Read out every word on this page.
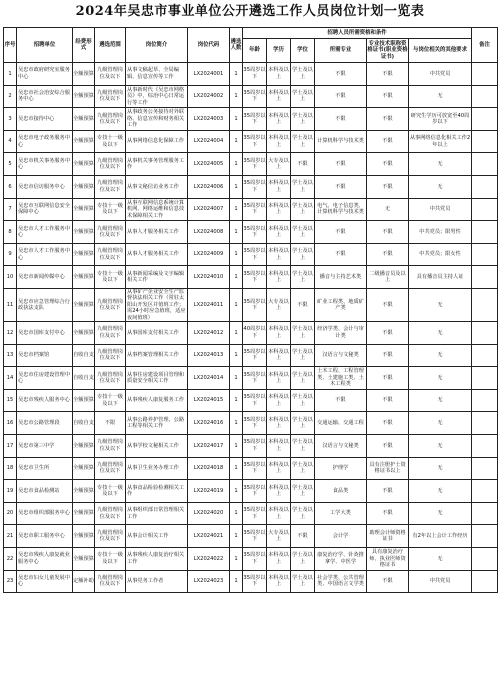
2024年吴忠市事业单位公开遴选工作人员岗位计划一览表
序号	招聘单位	经费形式	遴选范围	岗位简介	岗位代码	遴选人数	招聘人员所需资格和条件						备注
							年龄	学历	学位	所需专业	专业技术职称资格证书(职业资格证书)	与岗位相关的其他要求	
1	吴忠市政府研究室服务中心	全额预算	九级管理岗位及以下	从事文稿起草、全局编辑、信息宣传等工作	LX2024001	1	35周岁以下	本科及以上	学士及以上	不限	不限	中共党员	
2	吴忠市社会治安综合服务中心	全额预算	九级管理岗位及以下	从事新时代《吴忠市网格员》中，综治中心日常运行等工作	LX2024002	1	35周岁以下	本科及以上	学士及以上	不限	不限	无	
3	吴忠市接待中心	全额预算	九级管理岗位及以下	从事政务公务接待对外联络、信息宣传和财务相关工作	LX2024003	1	35周岁以下	本科及以上	学士及以上	不限	不限	研究生学历可放宽至40周岁以下	
4	吴忠市电子政务服务中心	全额预算	专技十一级及以下	从事网络信息化保障工作	LX2024004	1	35周岁以下	本科及以上	学士及以上	计算机科学与技术类	不限	从事网络信息化相关工作2年以上	
5	吴忠市机关事务服务中心	全额预算	九级管理岗位及以下	从事机关事务管理服务工作	LX2024005	1	35周岁以下	大专及以上	不限	不限	不限	无	
6	吴忠市信访服务中心	全额预算	九级管理岗位及以下	从事文秘信访业务工作	LX2024006	1	35周岁以下	本科及以上	学士及以上	不限	不限	无	
7	吴忠市互联网信息安全保障中心	全额预算	专技十一级及以下	从事互联网信息系统计算机网、网络运维和信息技术保障相关工作	LX2024007	1	35周岁以下	本科及以上	学士及以上	电气、电子信息类、计算机科学与技术类	无	中共党员	
8	吴忠市人才工作服务中心	全额预算	九级管理岗位及以下	从事人才服务相关工作	LX2024008	1	35周岁以下	本科及以上	学士及以上	不限	不限	中共党员；限男性	
9	吴忠市人才工作服务中心	全额预算	九级管理岗位及以下	从事人才服务相关工作	LX2024009	1	35周岁以下	本科及以上	学士及以上	不限	不限	中共党员；限女性	
10	吴忠市新闻传媒中心	全额预算	专技十一级及以下	从事新闻采编及文字编辑相关工作	LX2024010	1	35周岁以下	本科及以上	学士及以上	播音与主持艺术类	二级播音员及以上	具有播音员主持人证	
11	吴忠市应急管理综合行政执法支队	全额预算	九级管理岗位及以下	从事矿产企业安全生产监督执法相关工作（常驻太阳山开发区并值班工作；需24小时应急值班，适应夜间值班）	LX2024011	1	35周岁以下	大专及以上	不限	矿业工程类、地质矿产类	不限	无	
12	吴忠市国库支付中心	全额预算	九级管理岗位及以下	从事国库支付相关工作	LX2024012	1	40周岁以下	本科及以上	学士及以上	经济学类、会计与审计类	不限	无	
13	吴忠市档案馆	自收自支	九级管理岗位及以下	从事档案管理相关工作	LX2024013	1	35周岁以下	本科及以上	学士及以上	汉语言与文秘类	不限	无	
14	吴忠市住房建设管理中心	自收自支	九级管理岗位及以下	从事住房建设项目管理和质量安全相关工作	LX2024014	1	35周岁以下	本科及以上	学士及以上	土木工程、工程管理类、土建施工类、土木工程类	不限	无	
15	吴忠市残疾人服务中心	全额预算	专技十一级及以下	从事残疾人康复服务工作	LX2024015	1	35周岁以下	本科及以上	学士及以上	不限	不限	无	
16	吴忠市公路管理段	自收自支	不限	从事公路养护管理、公路工程等相关工作	LX2024016	1	35周岁以下	本科及以上	学士及以上	交通运输、交通工程	不限	无	
17	吴忠市第三中学	全额预算	九级管理岗位及以下	从事学校文秘相关工作	LX2024017	1	35周岁以下	本科及以上	学士及以上	汉语言与文秘类	不限	无	
18	吴忠市卫生所	全额预算	九级管理岗位及以下	从事卫生业务办理工作	LX2024018	1	35周岁以下	本科及以上	学士及以上	护理学	具有注册护士资格证书以上	无	
19	吴忠市食品检测站	全额预算	专技十一级及以下	从事食品检验检测相关工作	LX2024019	1	35周岁以下	本科及以上	学士及以上	食品类	不限	无	
20	吴忠市组织部服务中心	全额预算	九级管理岗位及以下	从事组织部日常管理相关工作	LX2024020	1	35周岁以下	本科及以上	学士及以上	工学大类	不限	无	
21	吴忠市职工服务中心	全额预算	九级管理岗位及以下	从事会计相关工作	LX2024021	1	35周岁以下	大专及以上	不限	会计学	助理会计师资格证书	有2年以上会计工作经历	
22	吴忠市残疾人康复就业服务中心	全额预算	专技十一级及以下	从事残疾人康复治疗相关工作	LX2024022	1	35周岁以下	本科及以上	学士及以上	康复治疗学、针灸推拿学、中医学	具有康复治疗师、执业医师资格证书	无	
23	吴忠市妇女儿童发展中心	定额补助	九级管理岗位及以下	从事党务工作者	LX2024023	1	35周岁以下	本科及以上	学士及以上	社会学类、公共管理类、中国语言文学类	不限	中共党员	
